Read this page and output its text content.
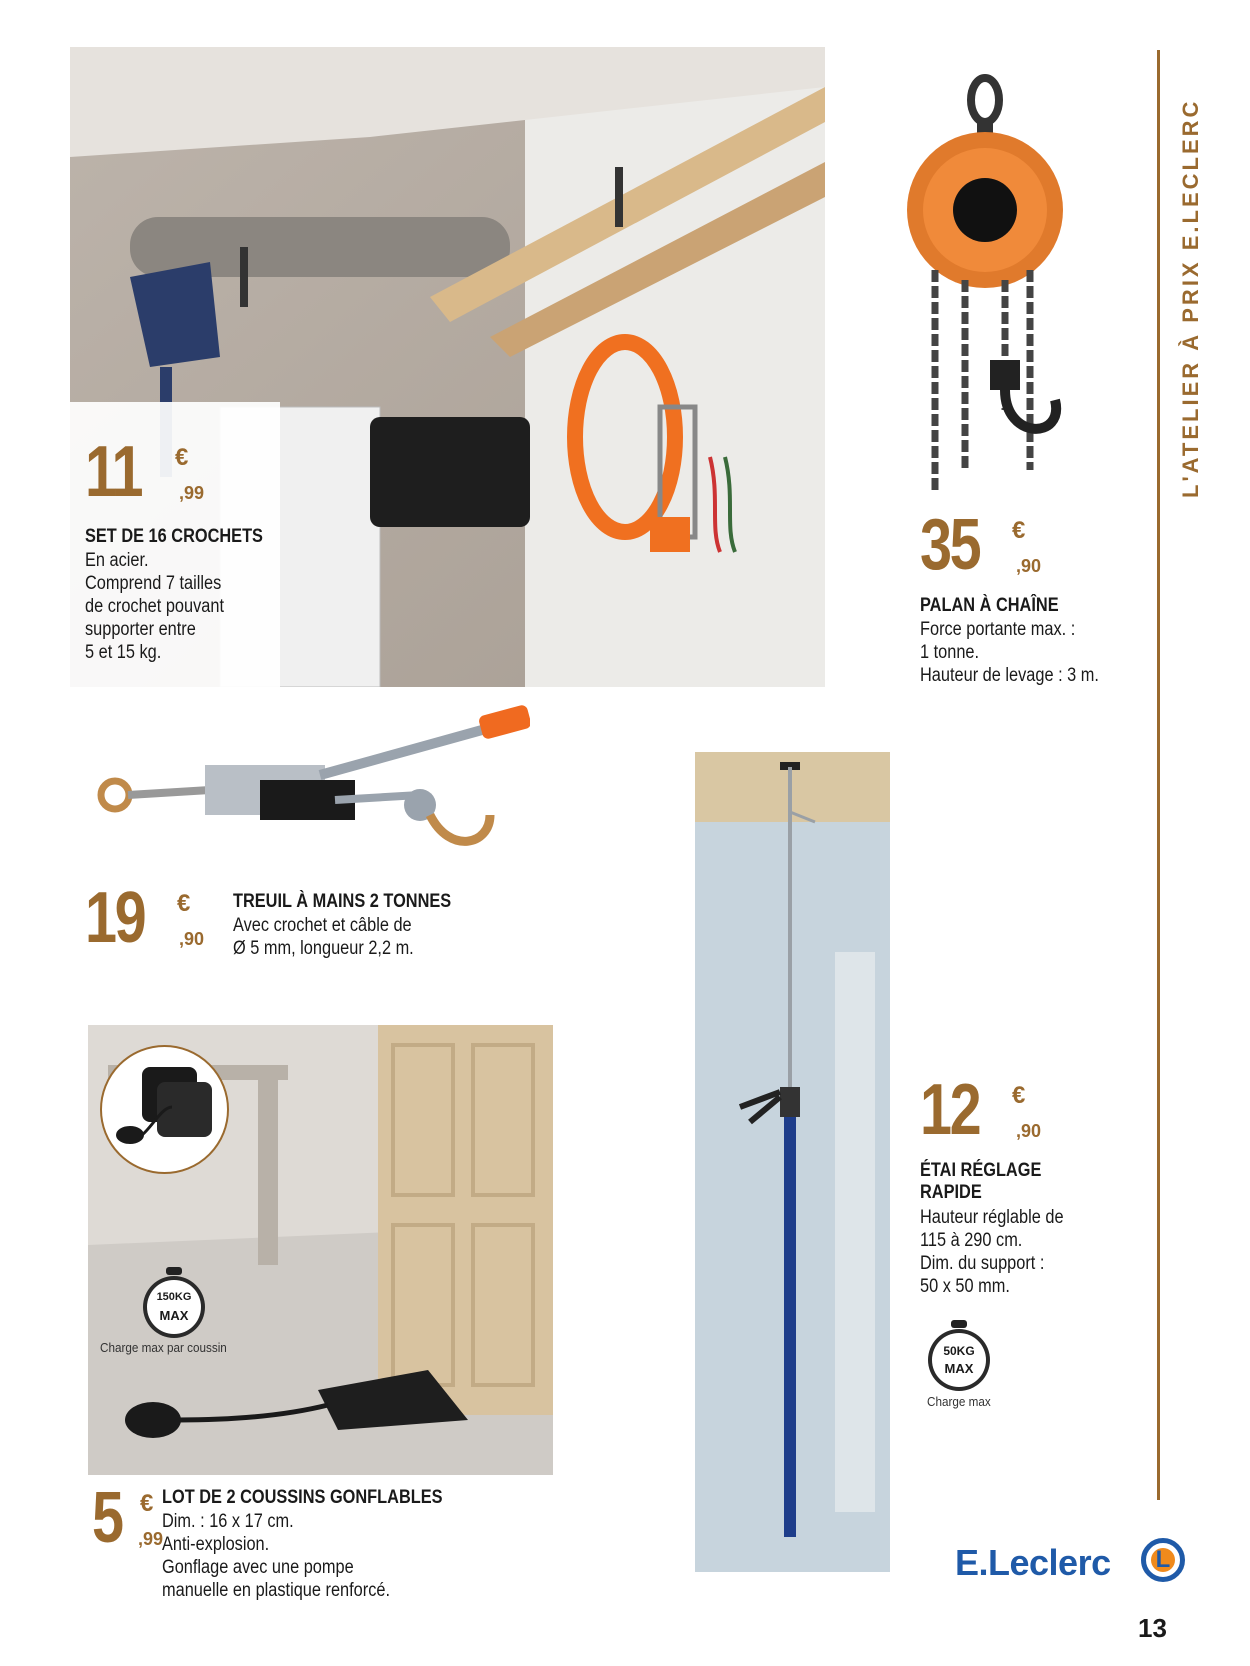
L'ATELIER À PRIX E.LECLERC
11 €
,99
SET DE 16 CROCHETS
En acier.
Comprend 7 tailles
de crochet pouvant
supporter entre
5 et 15 kg.
35 €
,90
PALAN À CHAÎNE
Force portante max. :
1 tonne.
Hauteur de levage : 3 m.
19 €
,90
TREUIL À MAINS 2 TONNES
Avec crochet et câble de
Ø 5 mm, longueur 2,2 m.
12 €
,90
ÉTAI RÉGLAGE
RAPIDE
Hauteur réglable de
115 à 290 cm.
Dim. du support :
50 x 50 mm.
50KG
MAX
Charge max
150KG
MAX
Charge max par coussin
5 €
,99
LOT DE 2 COUSSINS GONFLABLES
Dim. : 16 x 17 cm.
Anti-explosion.
Gonflage avec une pompe
manuelle en plastique renforcé.
E.Leclerc	L
13
